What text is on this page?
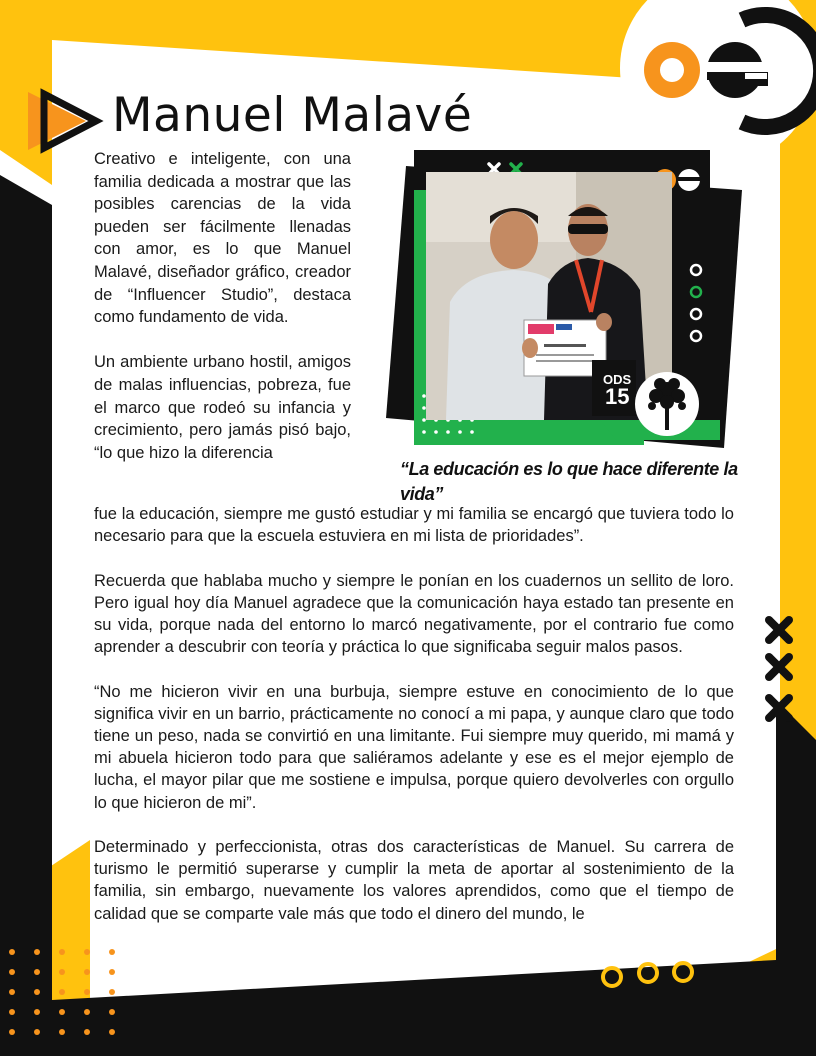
ODS
15
Manuel Malavé

Creativo e inteligente, con una familia dedicada a mostrar que las posibles carencias de la vida pueden ser fácilmente llenadas con amor, es lo que Manuel Malavé, diseñador gráfico, creador de “Influencer Studio”, destaca como fundamento de vida.

Un ambiente urbano hostil, amigos de malas influencias, pobreza, fue el marco que rodeó su infancia y crecimiento, pero jamás pisó bajo, “lo que hizo la diferencia

“La educación es lo que hace diferente la vida”

fue la educación, siempre me gustó estudiar y mi familia se encargó que tuviera todo lo necesario para que la escuela estuviera en mi lista de prioridades”.

Recuerda que hablaba mucho y siempre le ponían en los cuadernos un sellito de loro. Pero igual hoy día Manuel agradece que la comunicación haya estado tan presente en su vida, porque nada del entorno lo marcó negativamente, por el contrario fue como aprender a descubrir con teoría y práctica lo que significaba seguir malos pasos.

“No me hicieron vivir en una burbuja, siempre estuve en conocimiento de lo que significa vivir en un barrio, prácticamente no conocí a mi papa, y aunque claro que todo tiene un peso, nada se convirtió en una limitante. Fui siempre muy querido, mi mamá y mi abuela hicieron todo para que saliéramos adelante y ese es el mejor ejemplo de lucha, el mayor pilar que me sostiene e impulsa, porque quiero devolverles con orgullo lo que hicieron de mi”.

Determinado y perfeccionista, otras dos características de Manuel. Su carrera de turismo le permitió superarse y cumplir la meta de aportar al sostenimiento de la familia, sin embargo, nuevamente los valores aprendidos, como que el tiempo de calidad que se comparte vale más que todo el dinero del mundo, le
